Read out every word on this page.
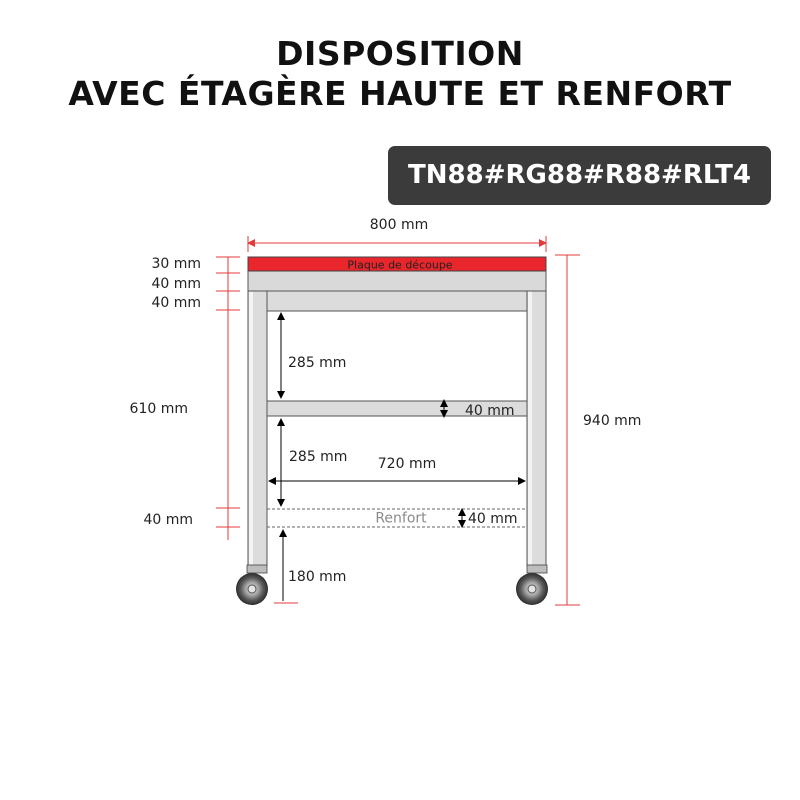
DISPOSITION
AVEC ÉTAGÈRE HAUTE ET RENFORT
TN88#RG88#R88#RLT4
Plaque de découpe
Renfort
800 mm
30 mm
40 mm
40 mm
610 mm
40 mm
285 mm
40 mm
285 mm 720 mm
40 mm
180 mm
940 mm
